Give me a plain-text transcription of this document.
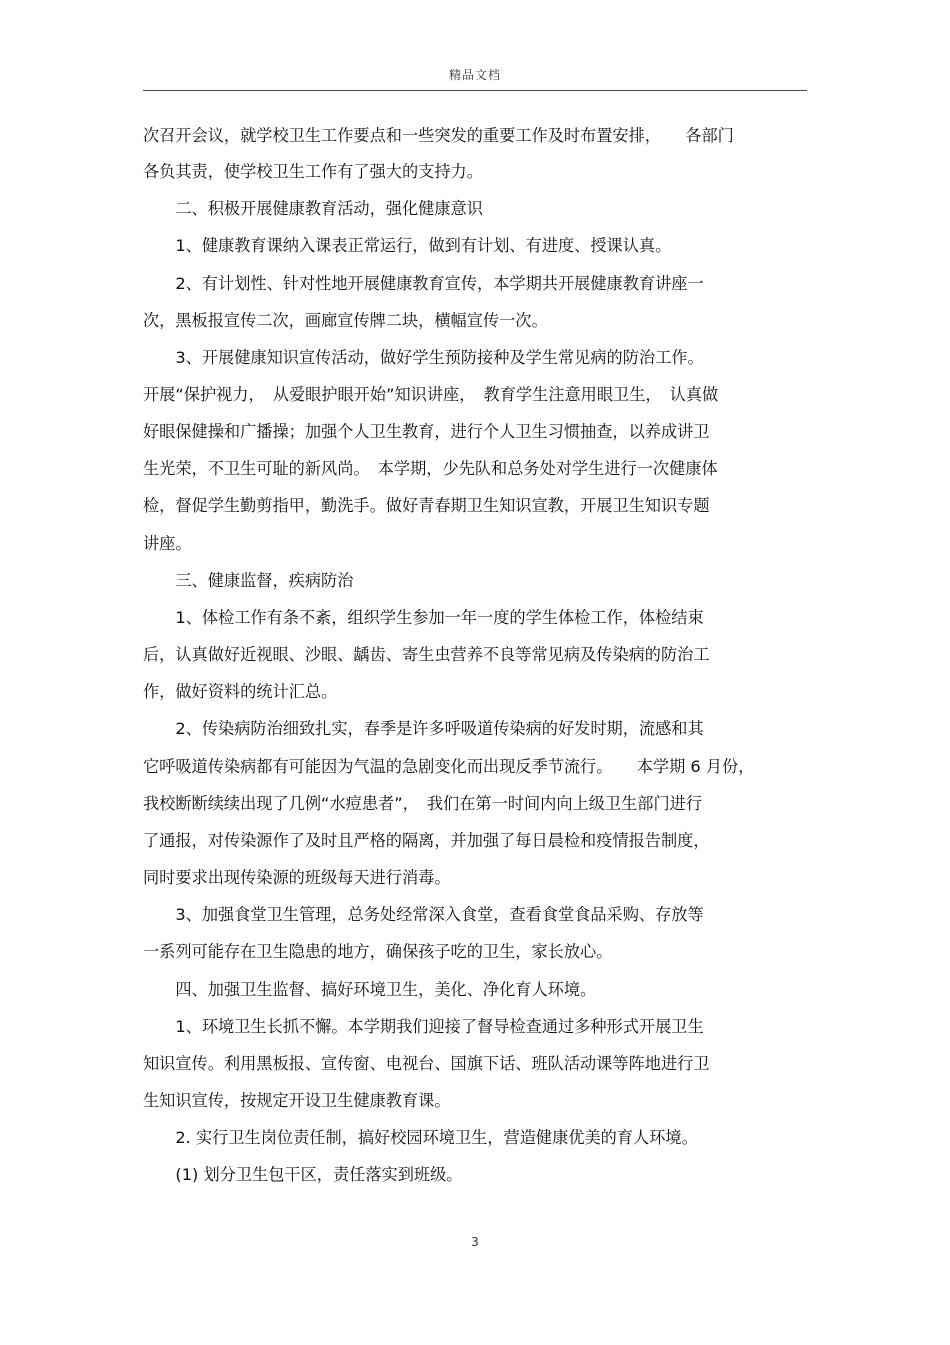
精品文档
次召开会议，就学校卫生工作要点和一些突发的重要工作及时布置安排，　　各部门
各负其责，使学校卫生工作有了强大的支持力。
　　二、积极开展健康教育活动，强化健康意识
　　1、健康教育课纳入课表正常运行，做到有计划、有进度、授课认真。
　　2、有计划性、针对性地开展健康教育宣传，本学期共开展健康教育讲座一
次，黑板报宣传二次，画廊宣传牌二块，横幅宣传一次。
　　3、开展健康知识宣传活动，做好学生预防接种及学生常见病的防治工作。
开展“保护视力，　从爱眼护眼开始”知识讲座，　教育学生注意用眼卫生，　认真做
好眼保健操和广播操；加强个人卫生教育，进行个人卫生习惯抽查，以养成讲卫
生光荣，不卫生可耻的新风尚。　本学期，少先队和总务处对学生进行一次健康体
检，督促学生勤剪指甲，勤洗手。做好青春期卫生知识宣教，开展卫生知识专题
讲座。
　　三、健康监督，疾病防治
　　1、体检工作有条不紊，组织学生参加一年一度的学生体检工作，体检结束
后，认真做好近视眼、沙眼、龋齿、寄生虫营养不良等常见病及传染病的防治工
作，做好资料的统计汇总。
　　2、传染病防治细致扎实，春季是许多呼吸道传染病的好发时期，流感和其
它呼吸道传染病都有可能因为气温的急剧变化而出现反季节流行。　　本学期 6 月份，
我校断断续续出现了几例“水痘患者”，　我们在第一时间内向上级卫生部门进行
了通报，对传染源作了及时且严格的隔离，并加强了每日晨检和疫情报告制度，
同时要求出现传染源的班级每天进行消毒。
　　3、加强食堂卫生管理，总务处经常深入食堂，查看食堂食品采购、存放等
一系列可能存在卫生隐患的地方，确保孩子吃的卫生，家长放心。
　　四、加强卫生监督、搞好环境卫生，美化、净化育人环境。
　　1、环境卫生长抓不懈。本学期我们迎接了督导检查通过多种形式开展卫生
知识宣传。利用黑板报、宣传窗、电视台、国旗下话、班队活动课等阵地进行卫
生知识宣传，按规定开设卫生健康教育课。
　　2. 实行卫生岗位责任制，搞好校园环境卫生，营造健康优美的育人环境。
　　(1) 划分卫生包干区，责任落实到班级。
3
